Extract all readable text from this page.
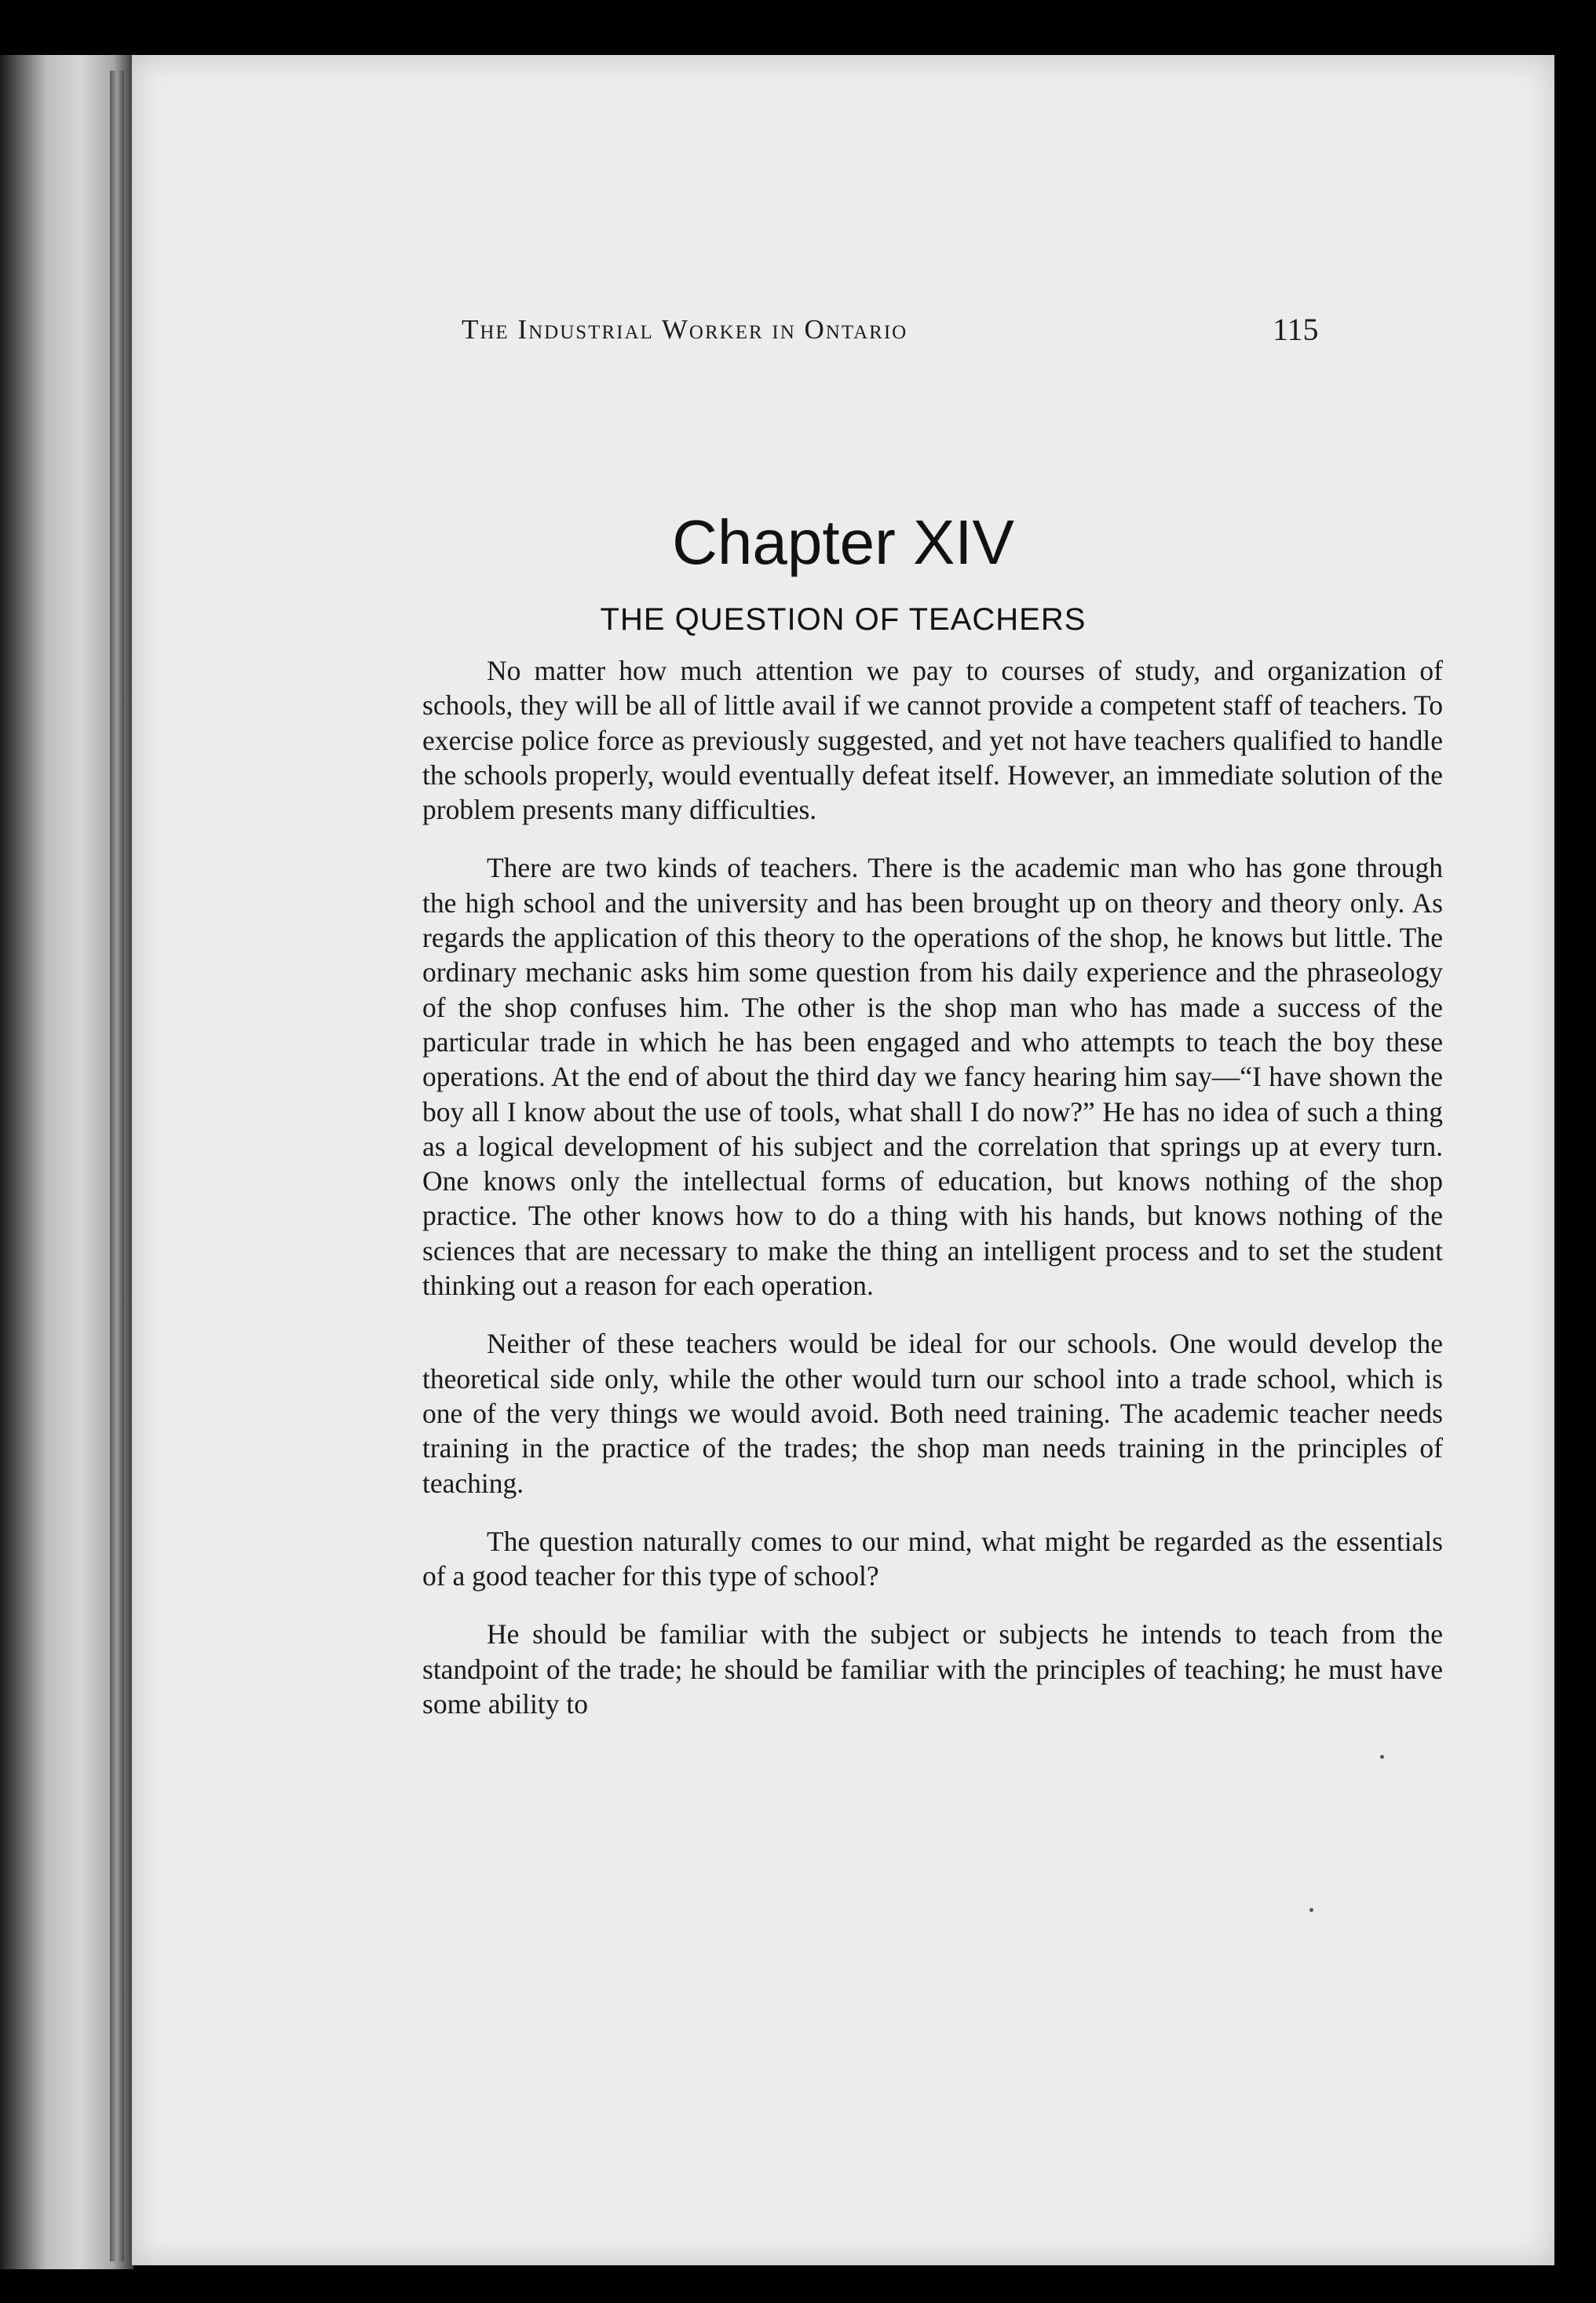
The Industrial Worker in Ontario	115
Chapter XIV
THE QUESTION OF TEACHERS

No matter how much attention we pay to courses of study, and organization of schools, they will be all of little avail if we cannot provide a competent staff of teachers. To exercise police force as previously suggested, and yet not have teachers qualified to handle the schools properly, would eventually defeat itself. However, an immediate solution of the problem presents many difficulties.

There are two kinds of teachers. There is the academic man who has gone through the high school and the university and has been brought up on theory and theory only. As regards the application of this theory to the operations of the shop, he knows but little. The ordinary mechanic asks him some question from his daily experience and the phraseology of the shop confuses him. The other is the shop man who has made a success of the particular trade in which he has been engaged and who attempts to teach the boy these operations. At the end of about the third day we fancy hearing him say—“I have shown the boy all I know about the use of tools, what shall I do now?” He has no idea of such a thing as a logical development of his subject and the correlation that springs up at every turn. One knows only the intellectual forms of education, but knows nothing of the shop practice. The other knows how to do a thing with his hands, but knows nothing of the sciences that are necessary to make the thing an intelligent process and to set the student thinking out a reason for each operation.

Neither of these teachers would be ideal for our schools. One would develop the theoretical side only, while the other would turn our school into a trade school, which is one of the very things we would avoid. Both need training. The academic teacher needs training in the practice of the trades; the shop man needs training in the principles of teaching.

The question naturally comes to our mind, what might be regarded as the essentials of a good teacher for this type of school?

He should be familiar with the subject or subjects he intends to teach from the standpoint of the trade; he should be familiar with the principles of teaching; he must have some ability to
